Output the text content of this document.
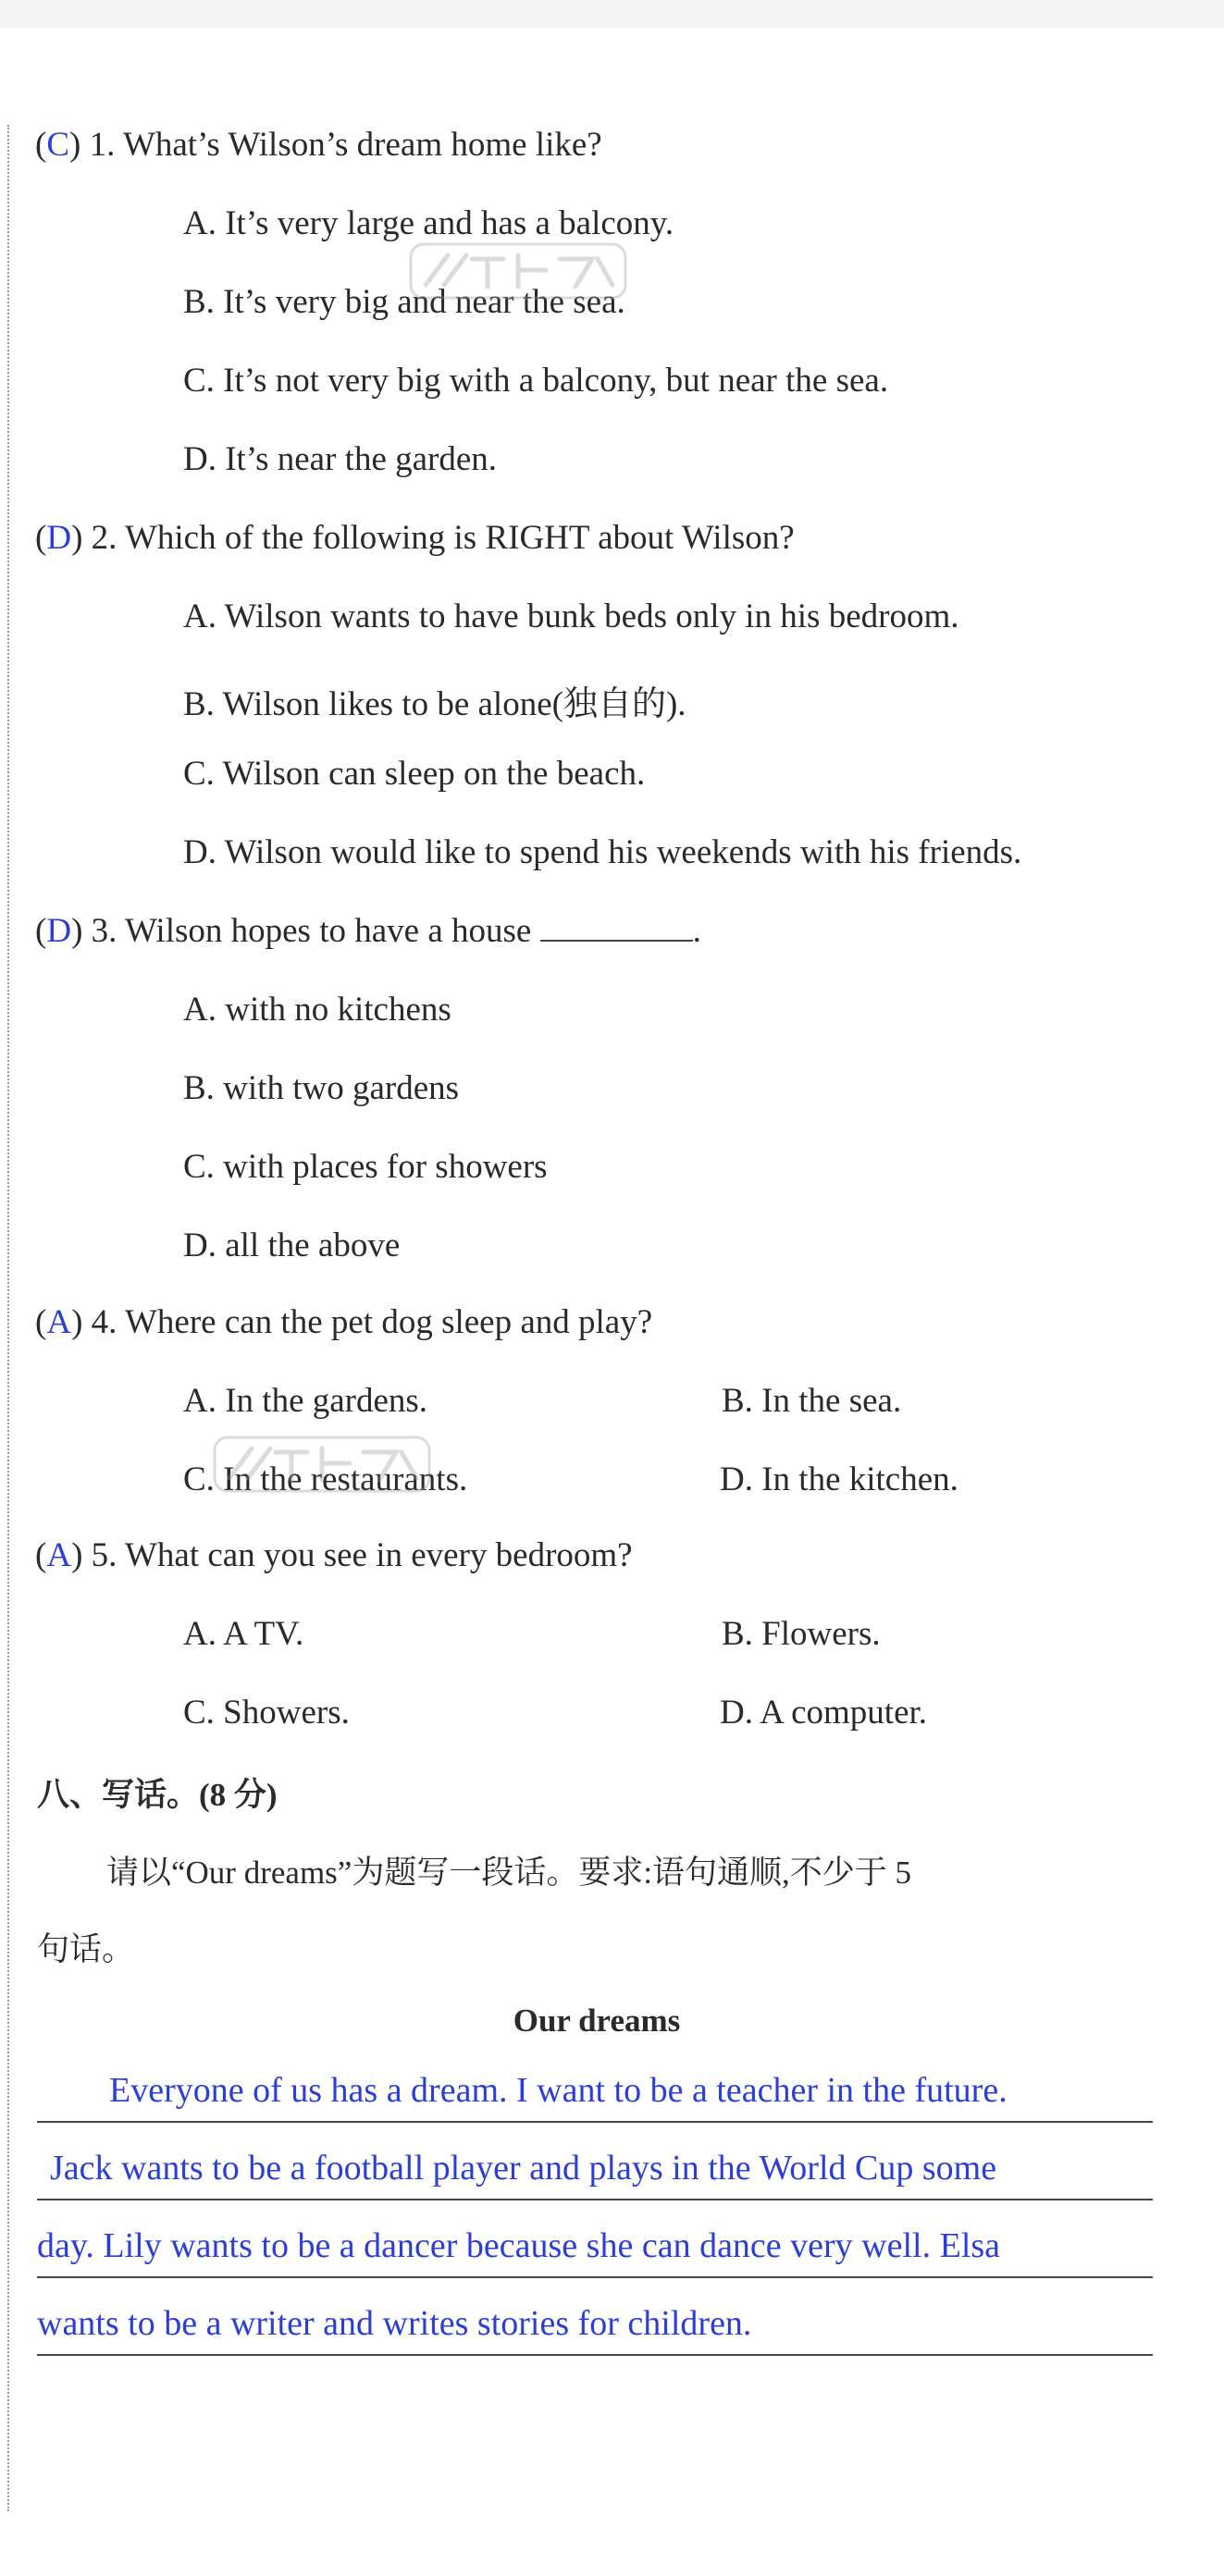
(C) 1. What’s Wilson’s dream home like?
A. It’s very large and has a balcony.
B. It’s very big and near the sea.
C. It’s not very big with a balcony, but near the sea.
D. It’s near the garden.
(D) 2. Which of the following is RIGHT about Wilson?
A. Wilson wants to have bunk beds only in his bedroom.
B. Wilson likes to be alone(独自的).
C. Wilson can sleep on the beach.
D. Wilson would like to spend his weekends with his friends.
(D) 3. Wilson hopes to have a house	.
A. with no kitchens
B. with two gardens
C. with places for showers
D. all the above
(A) 4. Where can the pet dog sleep and play?
A. In the gardens.	B. In the sea.
C. In the restaurants.	D. In the kitchen.
(A) 5. What can you see in every bedroom?
A. A TV.	B. Flowers.
C. Showers.	D. A computer.
八、写话。(8 分)
请以“Our dreams”为题写一段话。要求:语句通顺,不少于 5
句话。
Our dreams
Everyone of us has a dream. I want to be a teacher in the future.
Jack wants to be a football player and plays in the World Cup some
day. Lily wants to be a dancer because she can dance very well. Elsa
wants to be a writer and writes stories for children.
